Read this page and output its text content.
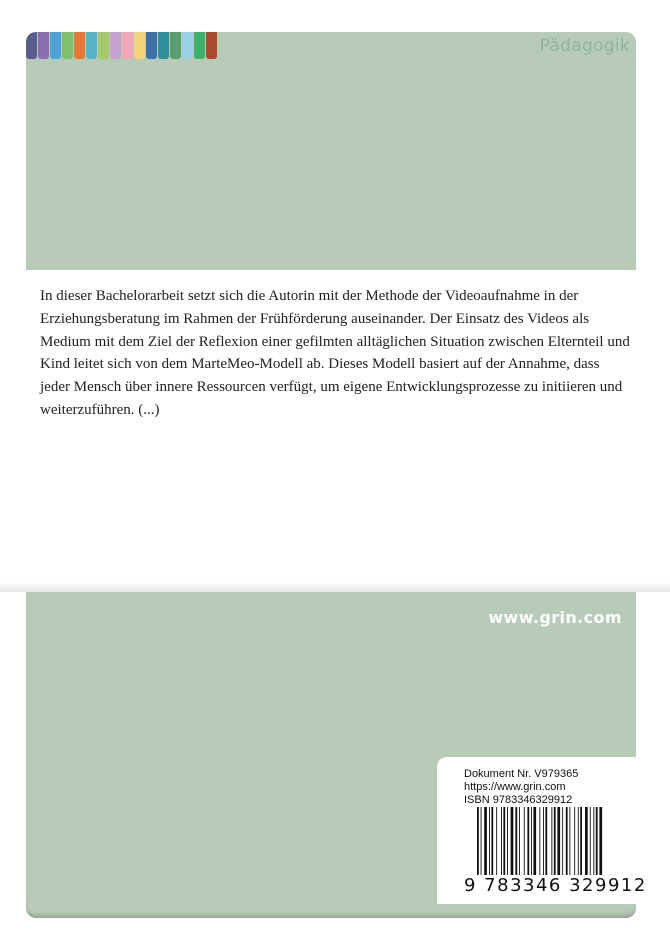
Pädagogik

In dieser Bachelorarbeit setzt sich die Autorin mit der Methode der Videoaufnahme in der Erziehungsberatung im Rahmen der Frühförderung auseinander. Der Einsatz des Videos als Medium mit dem Ziel der Reflexion einer gefilmten alltäglichen Situation zwischen Elternteil und Kind leitet sich von dem MarteMeo-Modell ab. Dieses Modell basiert auf der Annahme, dass jeder Mensch über innere Ressourcen verfügt, um eigene Entwicklungsprozesse zu initiieren und weiterzuführen. (...)

www.grin.com
Dokument Nr. V979365
https://www.grin.com
ISBN 9783346329912
9 783346 329912
